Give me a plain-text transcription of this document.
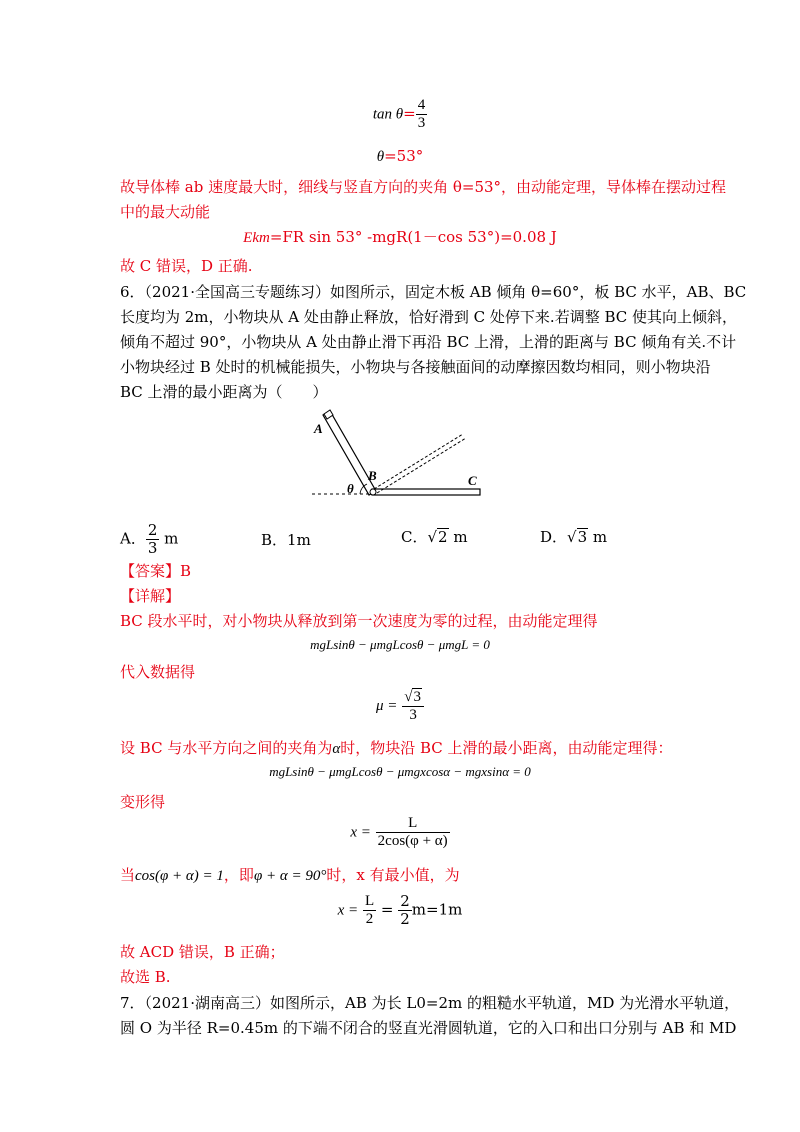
$\tan \theta= \frac{4}{3}$
θ=53°
故导体棒 ab 速度最大时，细线与竖直方向的夹角 θ=53°，由动能定理，导体棒在摆动过程
中的最大动能
Ekm=FR sin 53° -mgR(1－cos 53°)=0.08 J
故 C 错误，D 正确.
6．（2021·全国高三专题练习）如图所示，固定木板 AB 倾角 θ=60°，板 BC 水平，AB、BC
长度均为 2m，小物块从 A 处由静止释放，恰好滑到 C 处停下来.若调整 BC 使其向上倾斜，
倾角不超过 90°，小物块从 A 处由静止滑下再沿 BC 上滑，上滑的距离与 BC 倾角有关.不计
小物块经过 B 处时的机械能损失，小物块与各接触面间的动摩擦因数均相同，则小物块沿
BC 上滑的最小距离为（　　）
A
B	C
θ
A． $\frac{2}{3}$ m	B．1m	C．√2 m	D．√3 m
【答案】B
【详解】
BC 段水平时，对小物块从释放到第一次速度为零的过程，由动能定理得
mgLsinθ − μmgLcosθ − μmgL = 0
代入数据得
$\mu = \frac{√3}{3}$
设 BC 与水平方向之间的夹角为α时，物块沿 BC 上滑的最小距离，由动能定理得：
mgLsinθ − μmgLcosθ − μmgxcosα − mgxsinα = 0
变形得
$x = \frac{L}{2\cos(\varphi + \alpha)}$
当cos(φ + α) = 1，即φ + α = 90°时，x 有最小值，为
$x = \frac{L}{2} = \frac{2}{2} m=1m$
故 ACD 错误，B 正确；
故选 B.
7．（2021·湖南高三）如图所示，AB 为长 L0=2m 的粗糙水平轨道，MD 为光滑水平轨道，
圆 O 为半径 R=0.45m 的下端不闭合的竖直光滑圆轨道，它的入口和出口分别与 AB 和 MD
